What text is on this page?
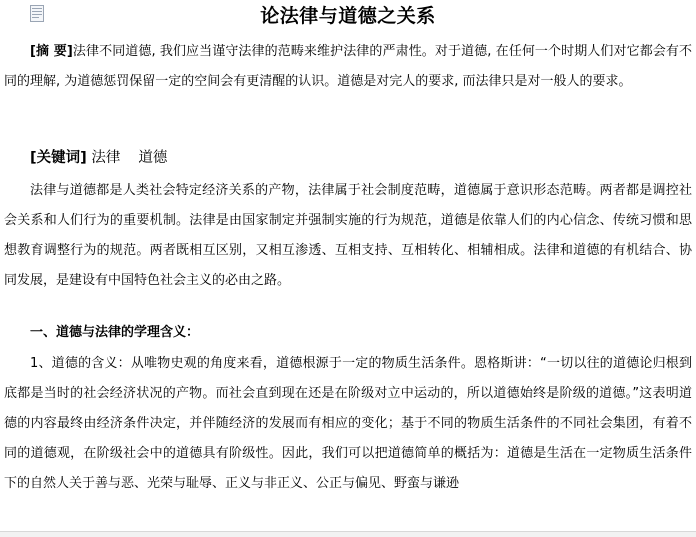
论法律与道德之关系

[摘 要]法律不同道德, 我们应当谨守法律的范畴来维护法律的严肃性。对于道德, 在任何一个时期人们对它都会有不同的理解, 为道德惩罚保留一定的空间会有更清醒的认识。道德是对完人的要求, 而法律只是对一般人的要求。

[关键词] 法律 道德

法律与道德都是人类社会特定经济关系的产物，法律属于社会制度范畴，道德属于意识形态范畴。两者都是调控社会关系和人们行为的重要机制。法律是由国家制定并强制实施的行为规范，道德是依靠人们的内心信念、传统习惯和思想教育调整行为的规范。两者既相互区别，又相互渗透、互相支持、互相转化、相辅相成。法律和道德的有机结合、协同发展，是建设有中国特色社会主义的必由之路。

一、道德与法律的学理含义：

1、道德的含义：从唯物史观的角度来看，道德根源于一定的物质生活条件。恩格斯讲：“一切以往的道德论归根到底都是当时的社会经济状况的产物。而社会直到现在还是在阶级对立中运动的，所以道德始终是阶级的道德。”这表明道德的内容最终由经济条件决定，并伴随经济的发展而有相应的变化；基于不同的物质生活条件的不同社会集团，有着不同的道德观，在阶级社会中的道德具有阶级性。因此，我们可以把道德简单的概括为：道德是生活在一定物质生活条件下的自然人关于善与恶、光荣与耻辱、正义与非正义、公正与偏见、野蛮与谦逊
